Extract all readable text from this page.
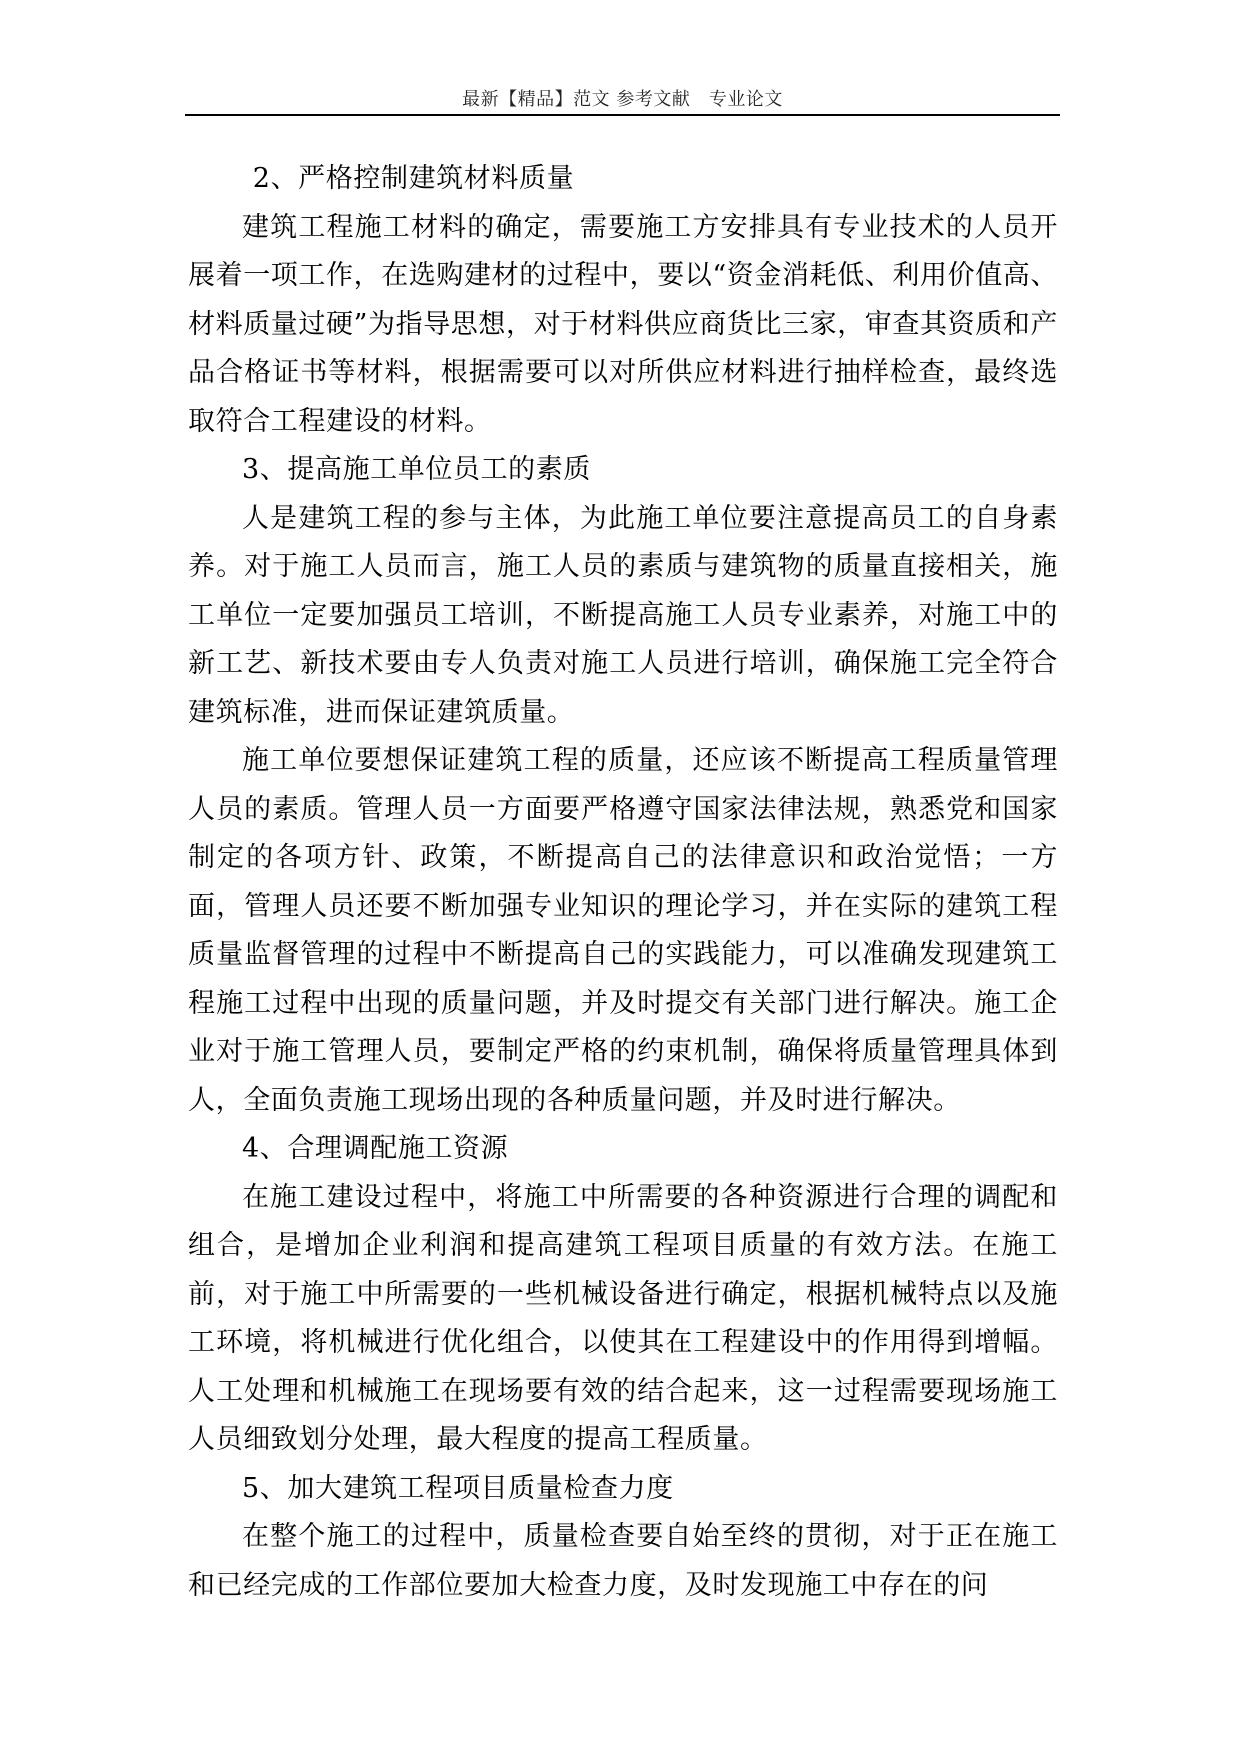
最新【精品】范文 参考文献　专业论文

2、严格控制建筑材料质量

建筑工程施工材料的确定，需要施工方安排具有专业技术的人员开展着一项工作，在选购建材的过程中，要以“资金消耗低、利用价值高、材料质量过硬”为指导思想，对于材料供应商货比三家，审查其资质和产品合格证书等材料，根据需要可以对所供应材料进行抽样检查，最终选取符合工程建设的材料。

3、提高施工单位员工的素质

人是建筑工程的参与主体，为此施工单位要注意提高员工的自身素养。对于施工人员而言，施工人员的素质与建筑物的质量直接相关，施工单位一定要加强员工培训，不断提高施工人员专业素养，对施工中的新工艺、新技术要由专人负责对施工人员进行培训，确保施工完全符合建筑标准，进而保证建筑质量。

施工单位要想保证建筑工程的质量，还应该不断提高工程质量管理人员的素质。管理人员一方面要严格遵守国家法律法规，熟悉党和国家制定的各项方针、政策，不断提高自己的法律意识和政治觉悟；一方面，管理人员还要不断加强专业知识的理论学习，并在实际的建筑工程质量监督管理的过程中不断提高自己的实践能力，可以准确发现建筑工程施工过程中出现的质量问题，并及时提交有关部门进行解决。施工企业对于施工管理人员，要制定严格的约束机制，确保将质量管理具体到人，全面负责施工现场出现的各种质量问题，并及时进行解决。

4、合理调配施工资源

在施工建设过程中，将施工中所需要的各种资源进行合理的调配和组合，是增加企业利润和提高建筑工程项目质量的有效方法。在施工前，对于施工中所需要的一些机械设备进行确定，根据机械特点以及施工环境，将机械进行优化组合，以使其在工程建设中的作用得到增幅。人工处理和机械施工在现场要有效的结合起来，这一过程需要现场施工人员细致划分处理，最大程度的提高工程质量。

5、加大建筑工程项目质量检查力度

在整个施工的过程中，质量检查要自始至终的贯彻，对于正在施工和已经完成的工作部位要加大检查力度，及时发现施工中存在的问
